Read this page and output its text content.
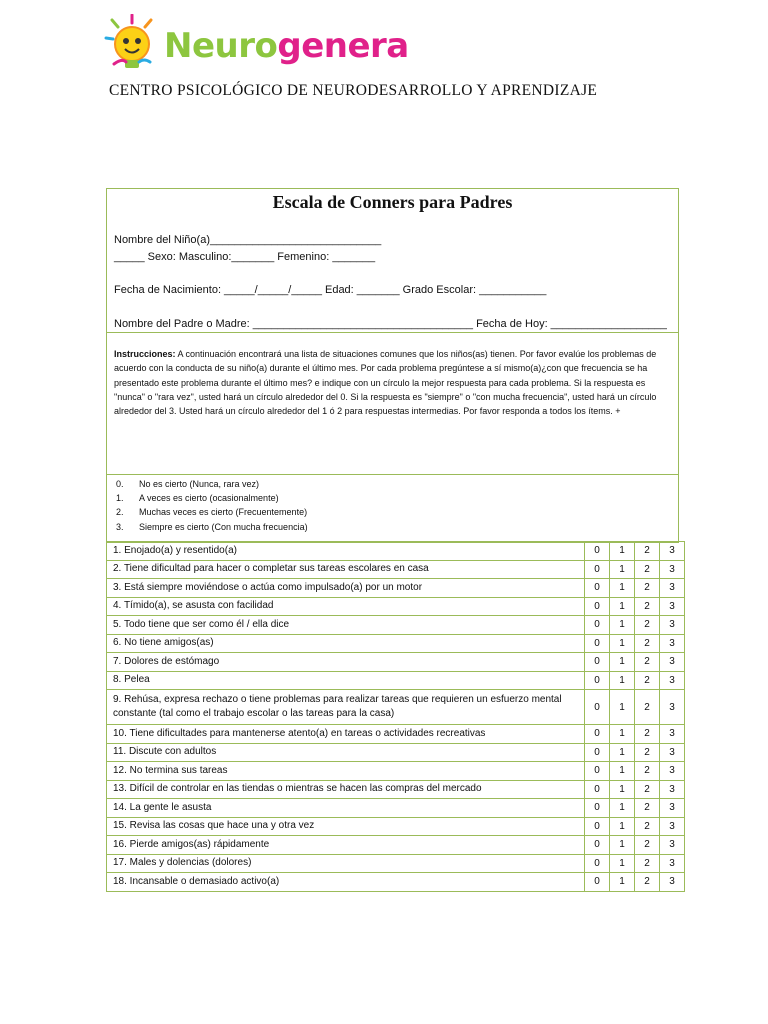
Neurogenera
CENTRO PSICOLÓGICO DE NEURODESARROLLO Y APRENDIZAJE
Escala de Conners para Padres
Nombre del Niño(a)____________________________
_____ Sexo: Masculino:_______ Femenino: _______
Fecha de Nacimiento: _____/_____/_____ Edad: _______ Grado Escolar: ___________
Nombre del Padre o Madre: ____________________________________ Fecha de Hoy: ___________________
Instrucciones: A continuación encontrará una lista de situaciones comunes que los niños(as) tienen. Por favor evalúe los problemas de acuerdo con la conducta de su niño(a) durante el último mes. Por cada problema pregúntese a sí mismo(a)¿con que frecuencia se ha presentado este problema durante el último mes? e indique con un círculo la mejor respuesta para cada problema. Si la respuesta es "nunca" o "rara vez", usted hará un círculo alrededor del 0. Si la respuesta es "siempre" o "con mucha frecuencia", usted hará un círculo alrededor del 3. Usted hará un círculo alrededor del 1 ó 2 para respuestas intermedias. Por favor responda a todos los ítems. +
0. No es cierto (Nunca, rara vez)
1. A veces es cierto (ocasionalmente)
2. Muchas veces es cierto (Frecuentemente)
3. Siempre es cierto (Con mucha frecuencia)
1. Enojado(a) y resentido(a)	0	1	2	3
2. Tiene dificultad para hacer o completar sus tareas escolares en casa	0	1	2	3
3. Está siempre moviéndose o actúa como impulsado(a) por un motor	0	1	2	3
4. Tímido(a), se asusta con facilidad	0	1	2	3
5. Todo tiene que ser como él / ella dice	0	1	2	3
6. No tiene amigos(as)	0	1	2	3
7. Dolores de estómago	0	1	2	3
8. Pelea	0	1	2	3
9. Rehúsa, expresa rechazo o tiene problemas para realizar tareas que requieren un esfuerzo mental constante (tal como el trabajo escolar o las tareas para la casa)	0	1	2	3
10. Tiene dificultades para mantenerse atento(a) en tareas o actividades recreativas	0	1	2	3
11. Discute con adultos	0	1	2	3
12. No termina sus tareas	0	1	2	3
13. Difícil de controlar en las tiendas o mientras se hacen las compras del mercado	0	1	2	3
14. La gente le asusta	0	1	2	3
15. Revisa las cosas que hace una y otra vez	0	1	2	3
16. Pierde amigos(as) rápidamente	0	1	2	3
17. Males y dolencias (dolores)	0	1	2	3
18. Incansable o demasiado activo(a)	0	1	2	3
